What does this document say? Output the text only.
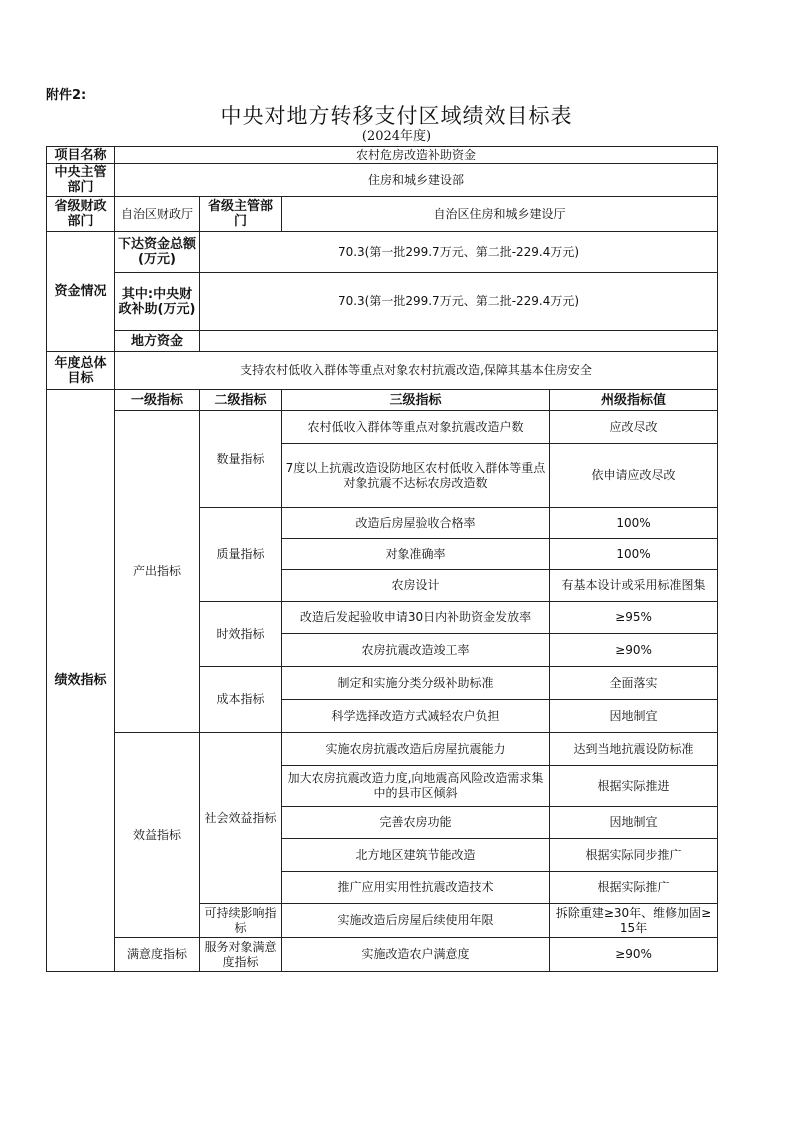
附件2:
中央对地方转移支付区域绩效目标表
(2024年度)
项目名称	农村危房改造补助资金			
中央主管部门	住房和城乡建设部			
省级财政部门	自治区财政厅	省级主管部门	自治区住房和城乡建设厅	
资金情况	下达资金总额(万元)	70.3(第一批299.7万元、第二批-229.4万元)		
	其中:中央财政补助(万元)	70.3(第一批299.7万元、第二批-229.4万元)		
	地方资金			
年度总体目标	支持农村低收入群体等重点对象农村抗震改造,保障其基本住房安全			
绩效指标	一级指标	二级指标	三级指标	州级指标值
	产出指标	数量指标	农村低收入群体等重点对象抗震改造户数	应改尽改
			7度以上抗震改造设防地区农村低收入群体等重点对象抗震不达标农房改造数	依申请应改尽改
		质量指标	改造后房屋验收合格率	100%
			对象准确率	100%
			农房设计	有基本设计或采用标准图集
		时效指标	改造后发起验收申请30日内补助资金发放率	≥95%
			农房抗震改造竣工率	≥90%
		成本指标	制定和实施分类分级补助标准	全面落实
			科学选择改造方式减轻农户负担	因地制宜
	效益指标	社会效益指标	实施农房抗震改造后房屋抗震能力	达到当地抗震设防标准
			加大农房抗震改造力度,向地震高风险改造需求集中的县市区倾斜	根据实际推进
			完善农房功能	因地制宜
			北方地区建筑节能改造	根据实际同步推广
			推广应用实用性抗震改造技术	根据实际推广
		可持续影响指标	实施改造后房屋后续使用年限	拆除重建≥30年、维修加固≥15年
	满意度指标	服务对象满意度指标	实施改造农户满意度	≥90%
